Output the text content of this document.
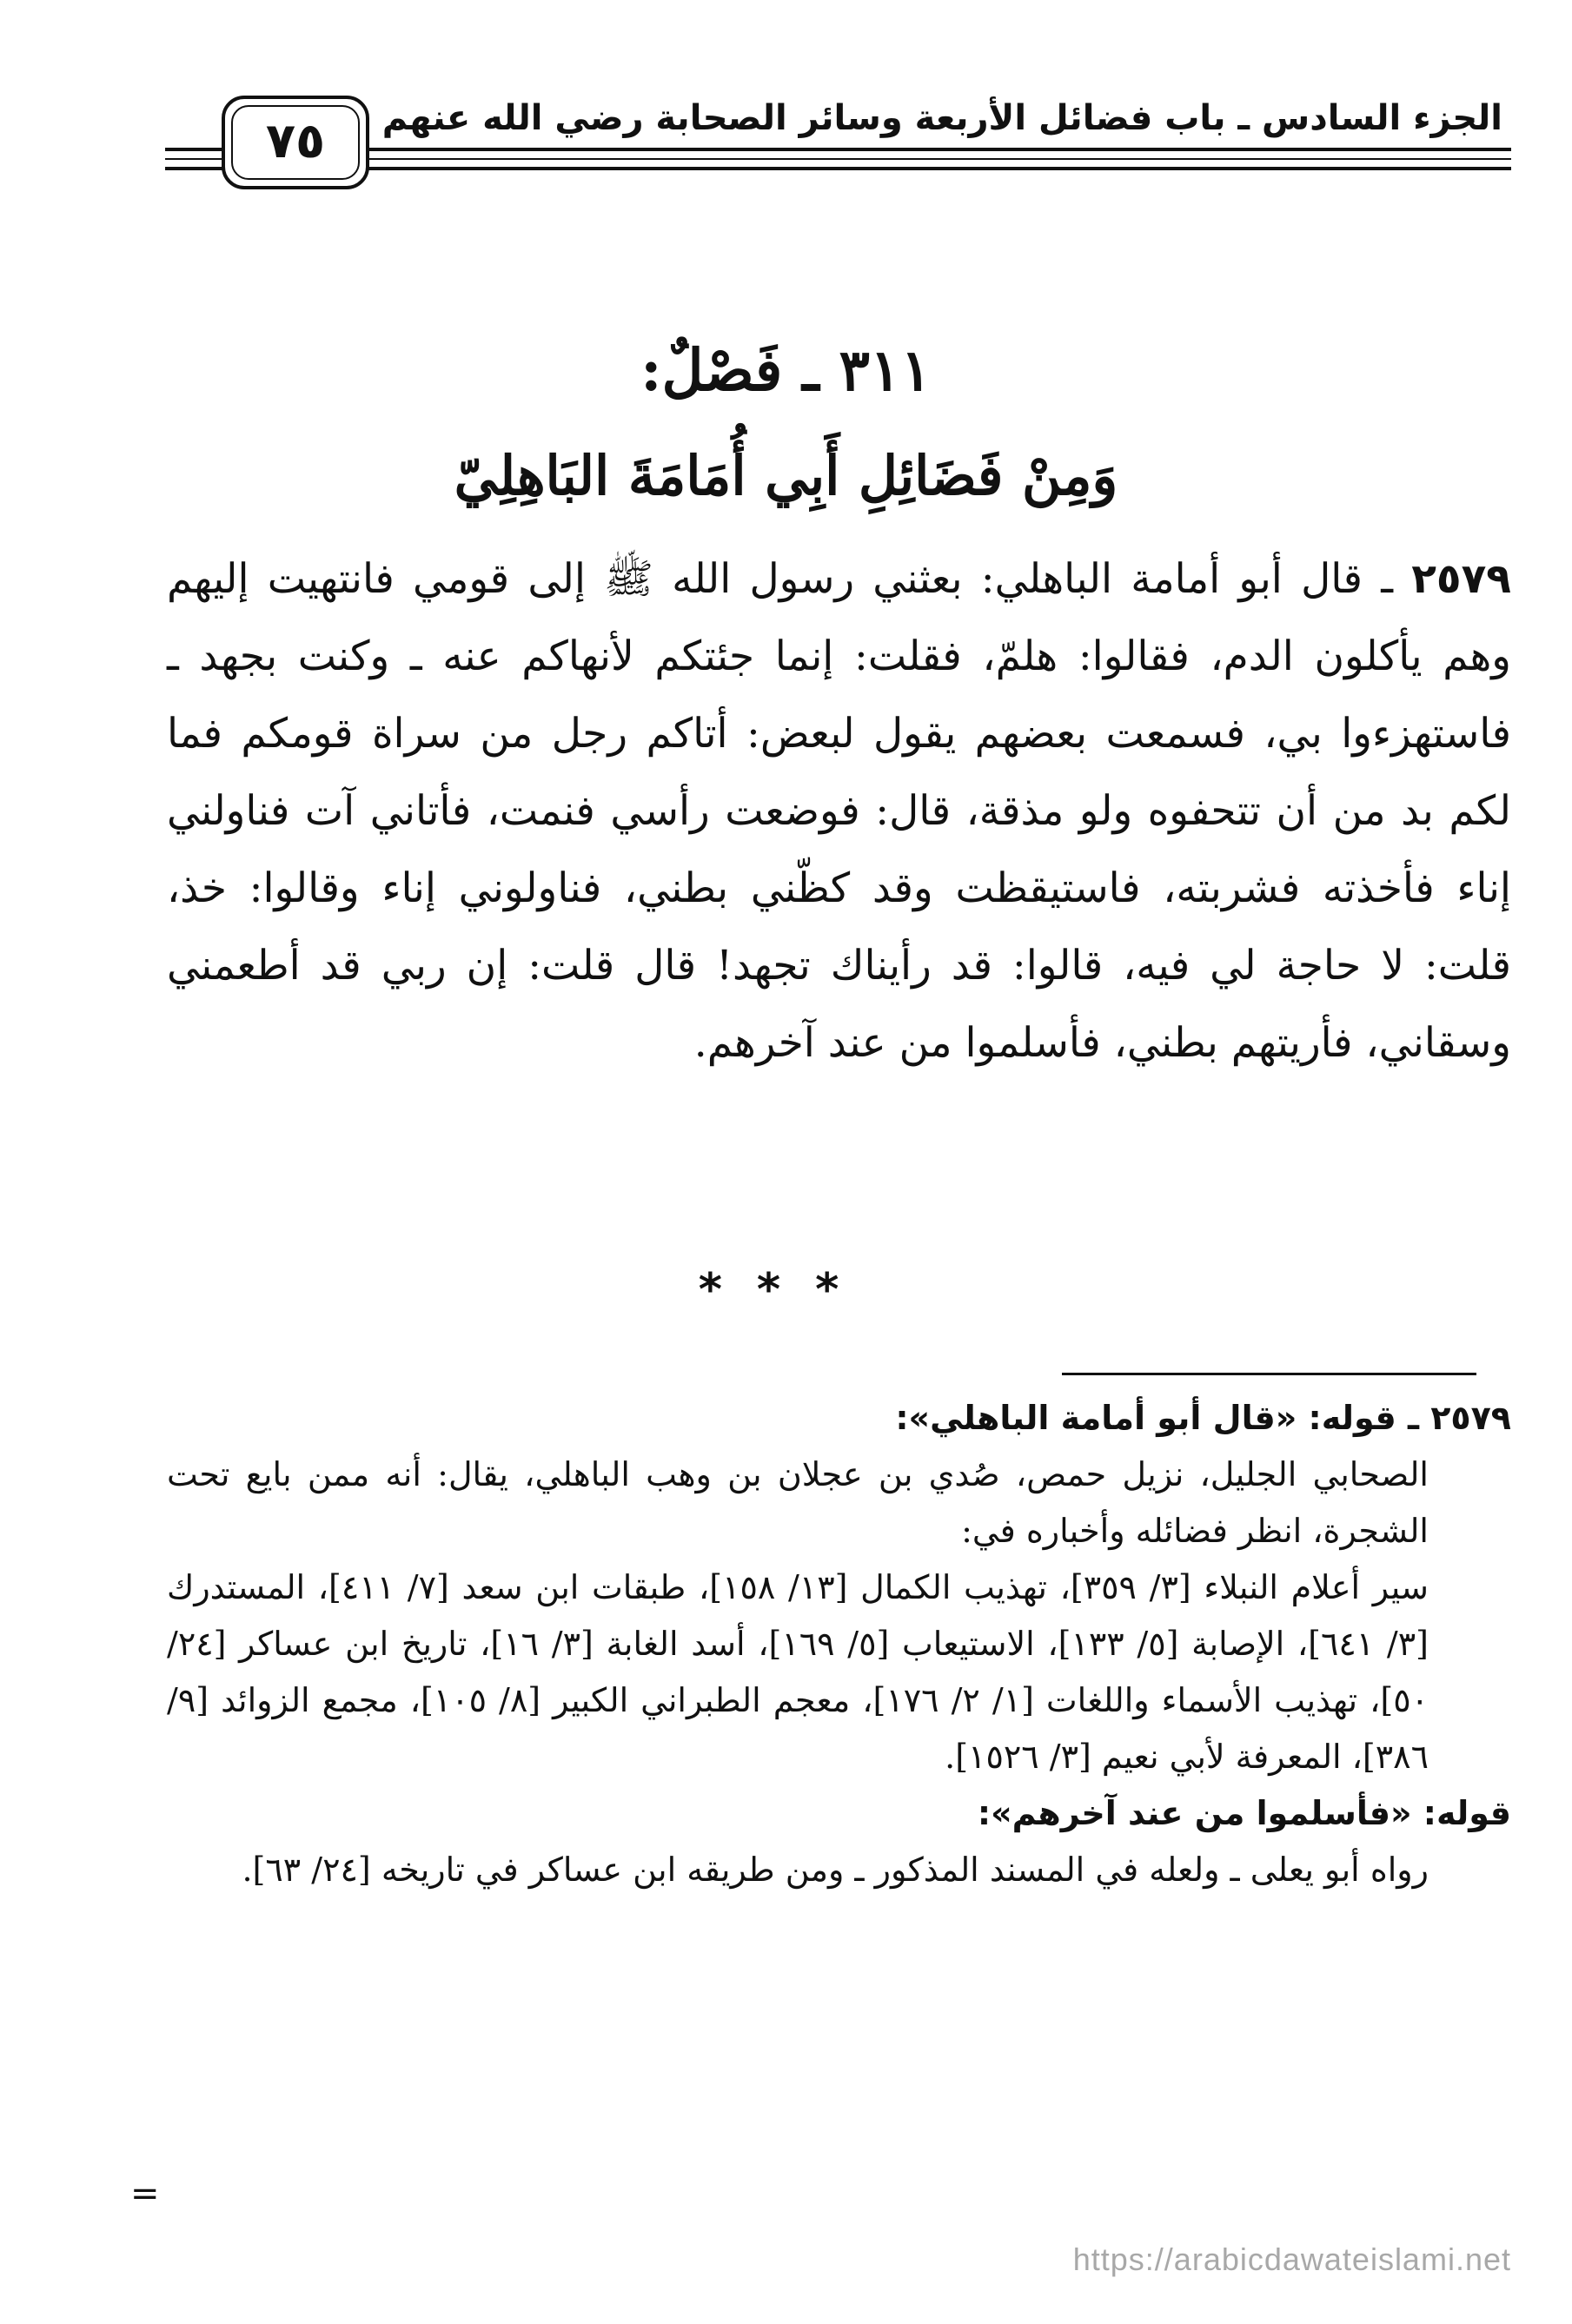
الجزء السادس ـ باب فضائل الأربعة وسائر الصحابة رضي الله عنهم
٧٥
٣١١ ـ فَصْلٌ:
وَمِنْ فَضَائِلِ أَبِي أُمَامَةَ البَاهِلِيّ
٢٥٧٩ ـ قال أبو أمامة الباهلي: بعثني رسول الله ﷺ إلى قومي فانتهيت إليهم وهم يأكلون الدم، فقالوا: هلمّ، فقلت: إنما جئتكم لأنهاكم عنه ـ وكنت بجهد ـ فاستهزءوا بي، فسمعت بعضهم يقول لبعض: أتاكم رجل من سراة قومكم فما لكم بد من أن تتحفوه ولو مذقة، قال: فوضعت رأسي فنمت، فأتاني آت فناولني إناء فأخذته فشربته، فاستيقظت وقد كظّني بطني، فناولوني إناء وقالوا: خذ، قلت: لا حاجة لي فيه، قالوا: قد رأيناك تجهد! قال قلت: إن ربي قد أطعمني وسقاني، فأريتهم بطني، فأسلموا من عند آخرهم.
***
٢٥٧٩ ـ قوله: «قال أبو أمامة الباهلي»:

الصحابي الجليل، نزيل حمص، صُدي بن عجلان بن وهب الباهلي، يقال: أنه ممن بايع تحت الشجرة، انظر فضائله وأخباره في:

سير أعلام النبلاء [٣/ ٣٥٩]، تهذيب الكمال [١٣/ ١٥٨]، طبقات ابن سعد [٧/ ٤١١]، المستدرك [٣/ ٦٤١]، الإصابة [٥/ ١٣٣]، الاستيعاب [٥/ ١٦٩]، أسد الغابة [٣/ ١٦]، تاريخ ابن عساكر [٢٤/ ٥٠]، تهذيب الأسماء واللغات [١/ ٢/ ١٧٦]، معجم الطبراني الكبير [٨/ ١٠٥]، مجمع الزوائد [٩/ ٣٨٦]، المعرفة لأبي نعيم [٣/ ١٥٢٦].

قوله: «فأسلموا من عند آخرهم»:

رواه أبو يعلى ـ ولعله في المسند المذكور ـ ومن طريقه ابن عساكر في تاريخه [٢٤/ ٦٣].

=
https://arabicdawateislami.net
